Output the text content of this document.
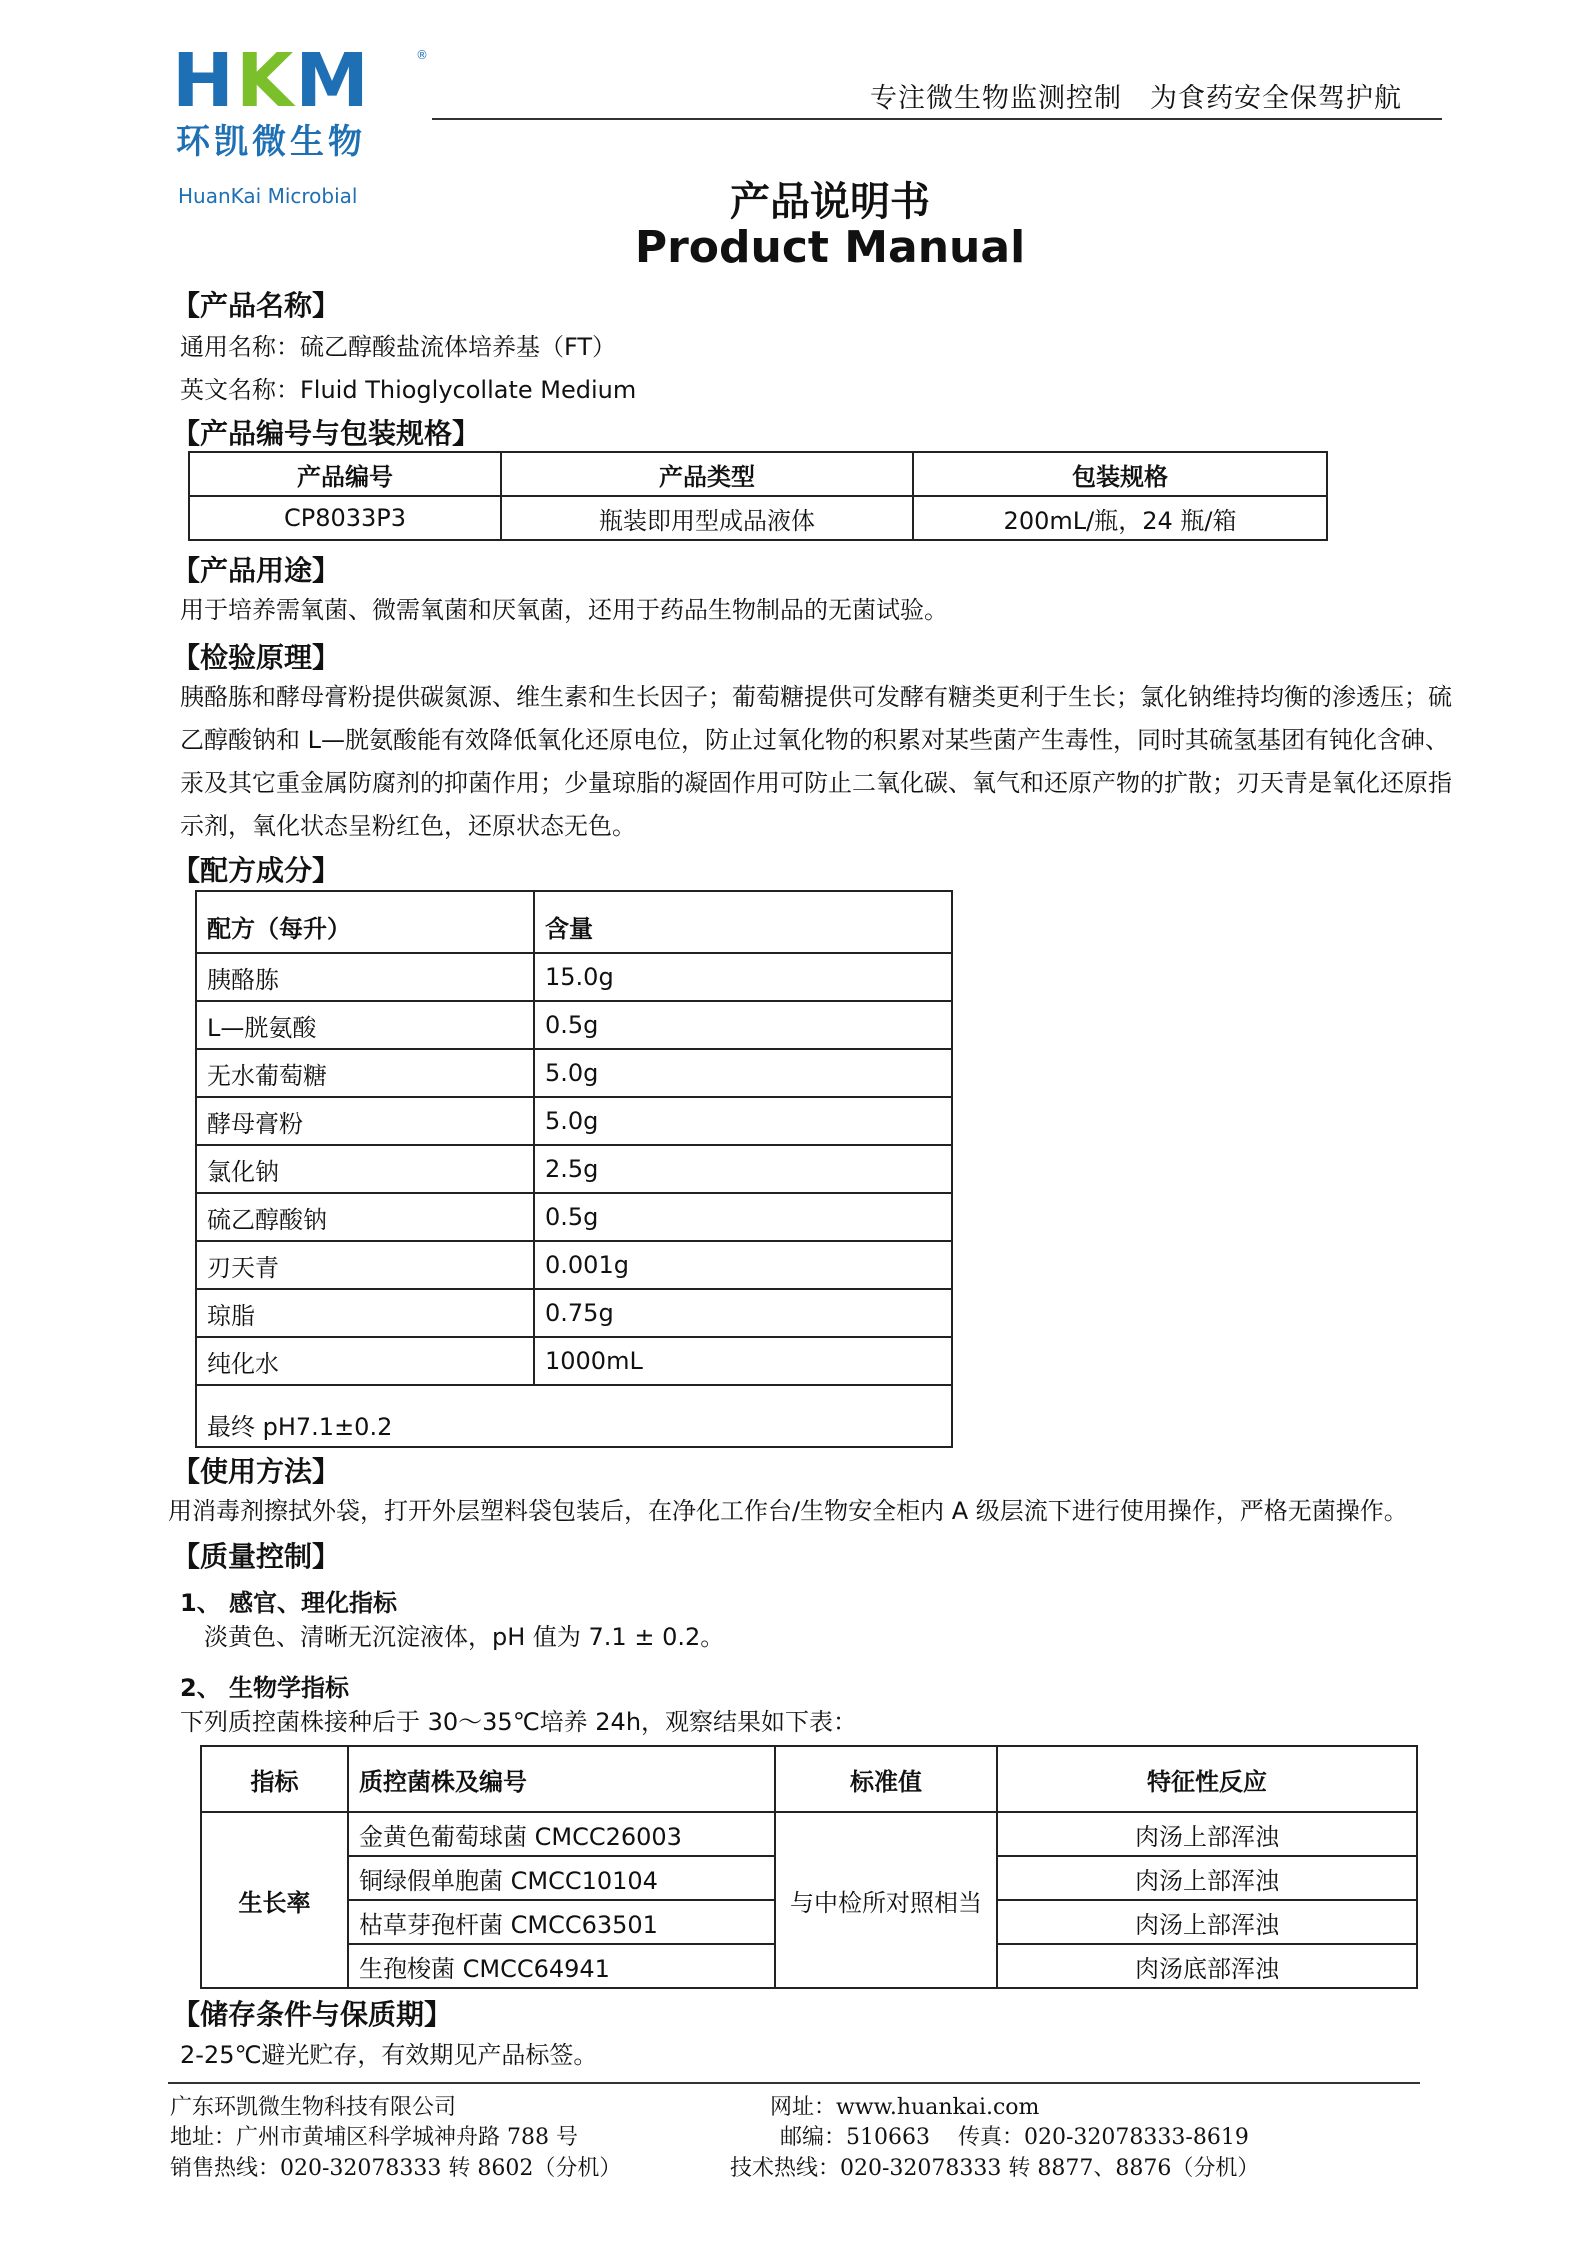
HKM	®
环凯微生物
HuanKai Microbial
专注微生物监测控制　为食药安全保驾护航
产品说明书
Product Manual
【产品名称】
通用名称：硫乙醇酸盐流体培养基（FT）
英文名称：Fluid Thioglycollate Medium
【产品编号与包装规格】
产品编号	产品类型	包装规格
CP8033P3	瓶装即用型成品液体	200mL/瓶，24 瓶/箱
【产品用途】
用于培养需氧菌、微需氧菌和厌氧菌，还用于药品生物制品的无菌试验。
【检验原理】
胰酪胨和酵母膏粉提供碳氮源、维生素和生长因子；葡萄糖提供可发酵有糖类更利于生长；氯化钠维持均衡的渗透压；硫
乙醇酸钠和 L—胱氨酸能有效降低氧化还原电位，防止过氧化物的积累对某些菌产生毒性，同时其硫氢基团有钝化含砷、
汞及其它重金属防腐剂的抑菌作用；少量琼脂的凝固作用可防止二氧化碳、氧气和还原产物的扩散；刃天青是氧化还原指
示剂，氧化状态呈粉红色，还原状态无色。
【配方成分】
配方（每升）	含量
胰酪胨	15.0g
L—胱氨酸	0.5g
无水葡萄糖	5.0g
酵母膏粉	5.0g
氯化钠	2.5g
硫乙醇酸钠	0.5g
刃天青	0.001g
琼脂	0.75g
纯化水	1000mL
最终 pH7.1±0.2	
【使用方法】
用消毒剂擦拭外袋，打开外层塑料袋包装后，在净化工作台/生物安全柜内 A 级层流下进行使用操作，严格无菌操作。
【质量控制】
1、 感官、理化指标
淡黄色、清晰无沉淀液体，pH 值为 7.1 ± 0.2。
2、 生物学指标
下列质控菌株接种后于 30～35℃培养 24h，观察结果如下表：
指标	质控菌株及编号	标准值	特征性反应
生长率	金黄色葡萄球菌 CMCC26003	与中检所对照相当	肉汤上部浑浊
	铜绿假单胞菌 CMCC10104		肉汤上部浑浊
	枯草芽孢杆菌 CMCC63501		肉汤上部浑浊
	生孢梭菌 CMCC64941		肉汤底部浑浊
【储存条件与保质期】
2-25℃避光贮存，有效期见产品标签。
广东环凯微生物科技有限公司
地址：广州市黄埔区科学城神舟路 788 号
销售热线：020-32078333 转 8602（分机）
网址：www.huankai.com
邮编：510663 传真：020-32078333-8619
技术热线：020-32078333 转 8877、8876（分机）
